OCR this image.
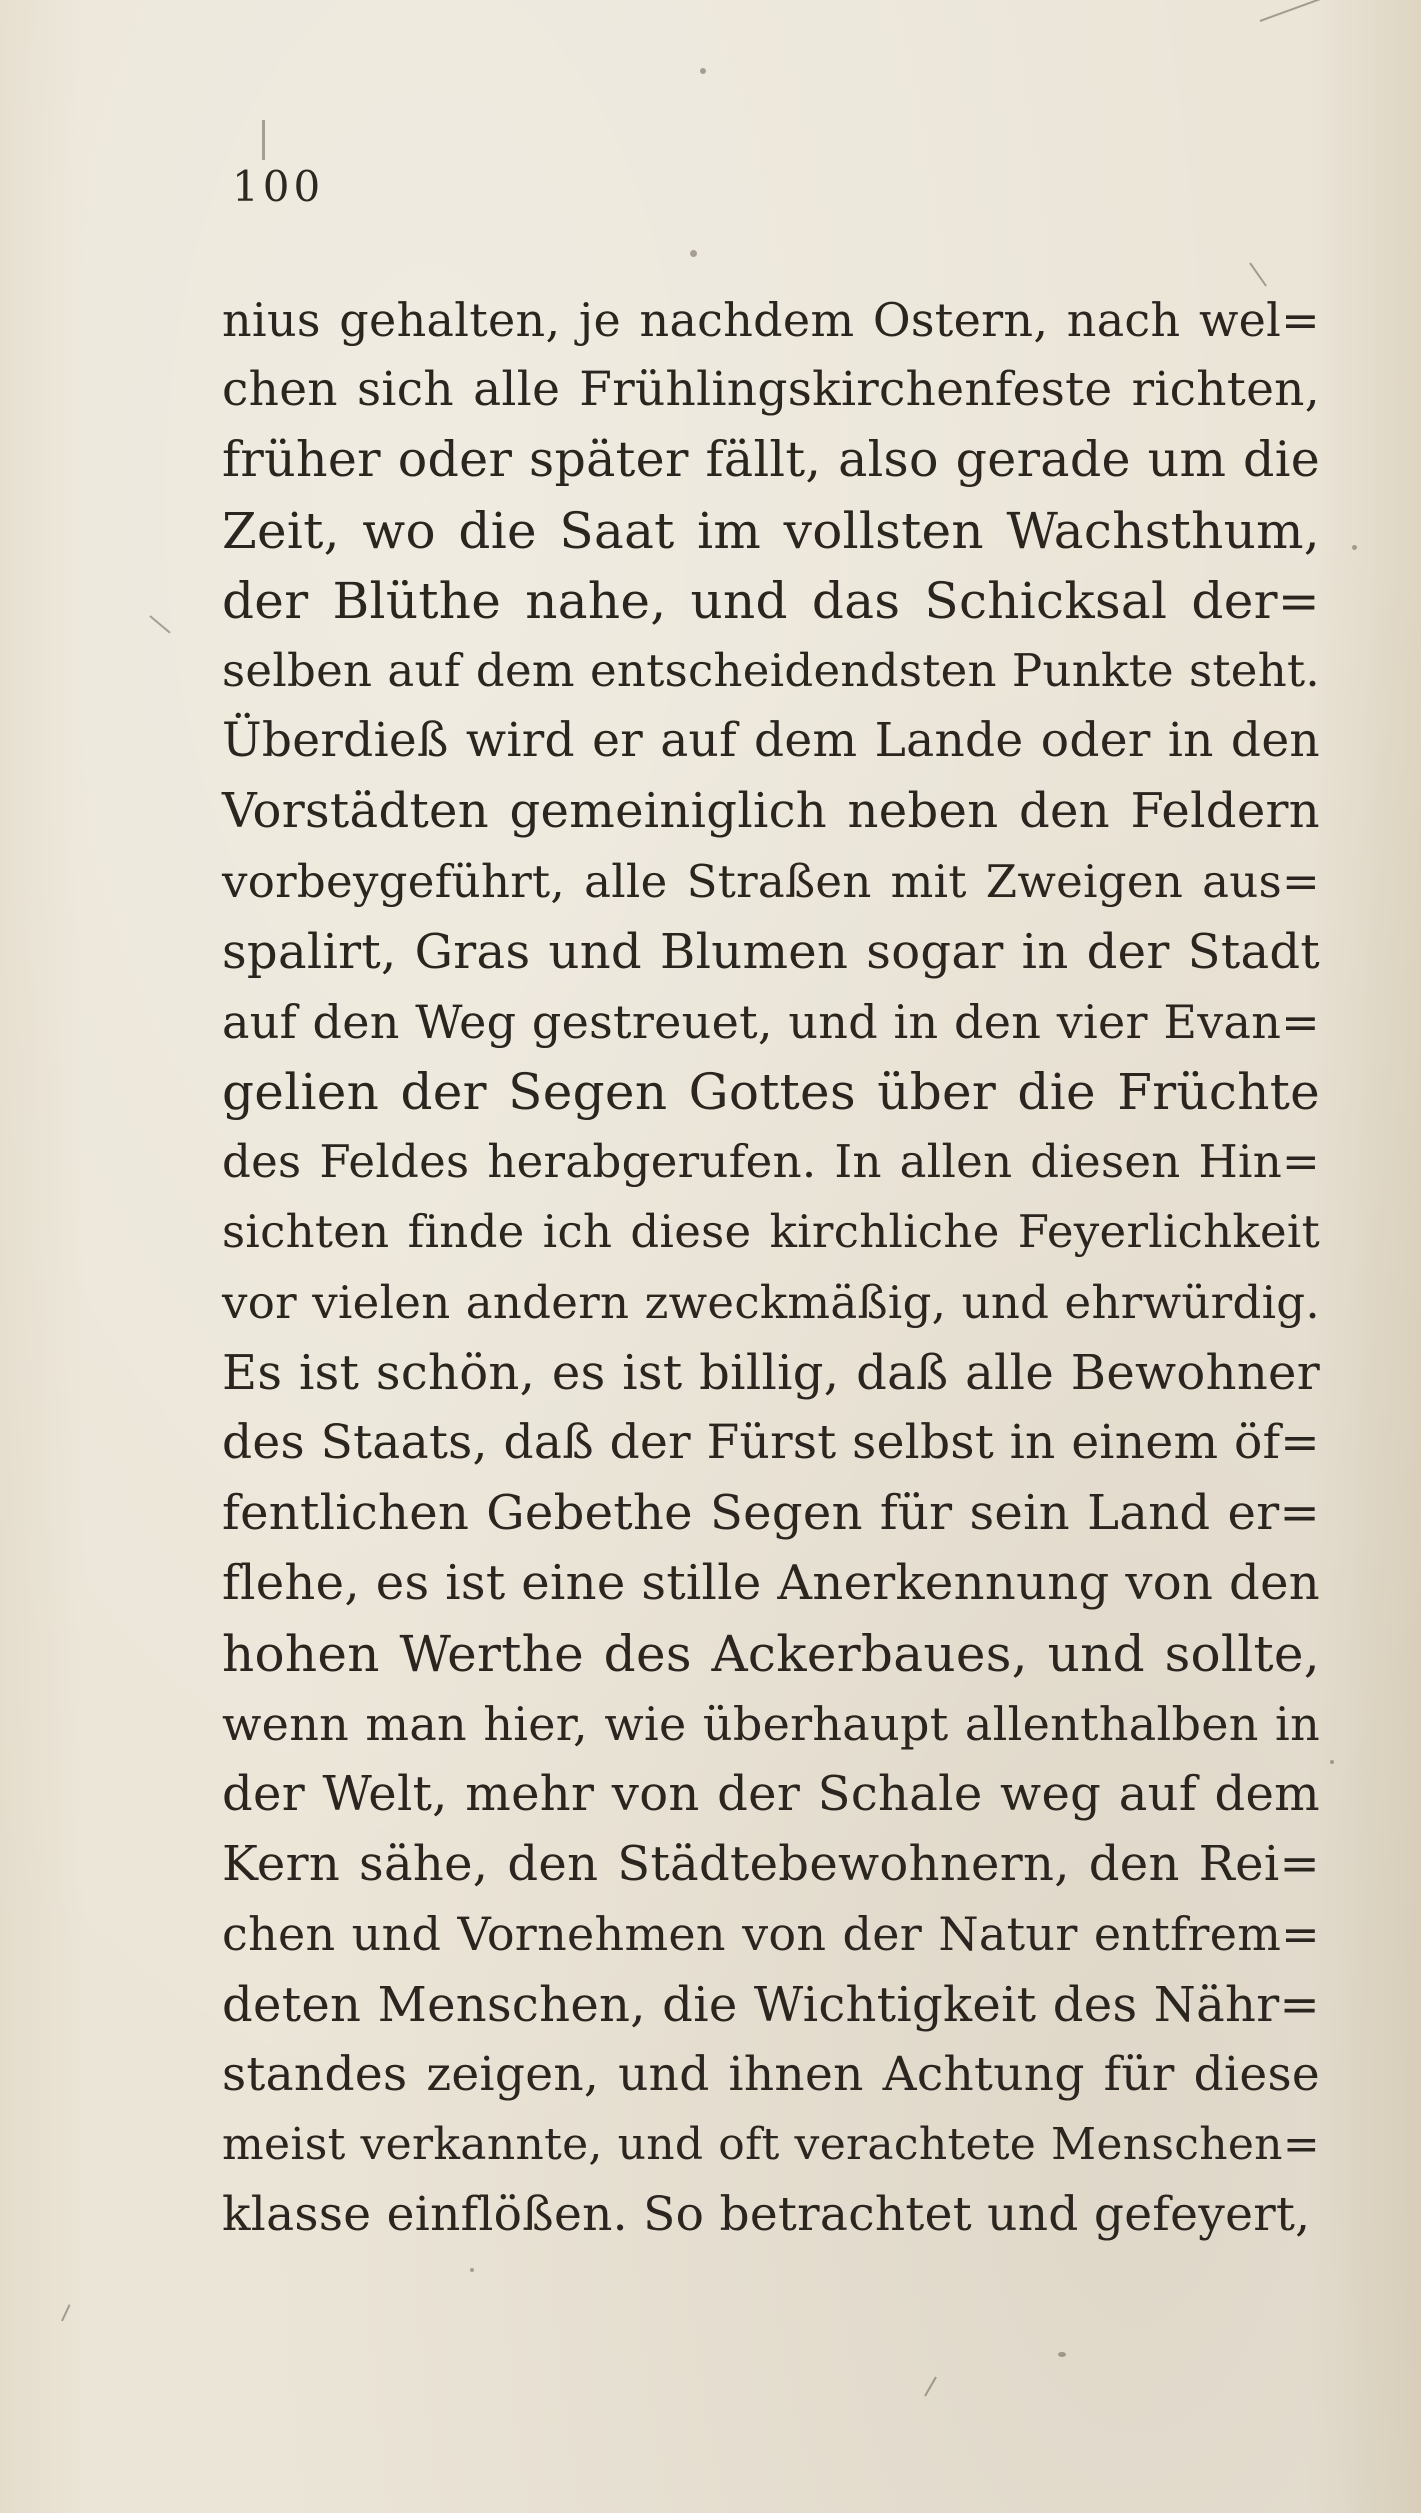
100
nius gehalten, je nachdem Ostern, nach wel=
chen sich alle Frühlingskirchenfeste richten,
früher oder später fällt, also gerade um die
Zeit, wo die Saat im vollsten Wachsthum,
der Blüthe nahe, und das Schicksal der=
selben auf dem entscheidendsten Punkte steht.
Überdieß wird er auf dem Lande oder in den
Vorstädten gemeiniglich neben den Feldern
vorbeygeführt, alle Straßen mit Zweigen aus=
spalirt, Gras und Blumen sogar in der Stadt
auf den Weg gestreuet, und in den vier Evan=
gelien der Segen Gottes über die Früchte
des Feldes herabgerufen. In allen diesen Hin=
sichten finde ich diese kirchliche Feyerlichkeit
vor vielen andern zweckmäßig, und ehrwürdig.
Es ist schön, es ist billig, daß alle Bewohner
des Staats, daß der Fürst selbst in einem öf=
fentlichen Gebethe Segen für sein Land er=
flehe, es ist eine stille Anerkennung von den
hohen Werthe des Ackerbaues, und sollte,
wenn man hier, wie überhaupt allenthalben in
der Welt, mehr von der Schale weg auf dem
Kern sähe, den Städtebewohnern, den Rei=
chen und Vornehmen von der Natur entfrem=
deten Menschen, die Wichtigkeit des Nähr=
standes zeigen, und ihnen Achtung für diese
meist verkannte, und oft verachtete Menschen=
klasse einflößen. So betrachtet und gefeyert,
